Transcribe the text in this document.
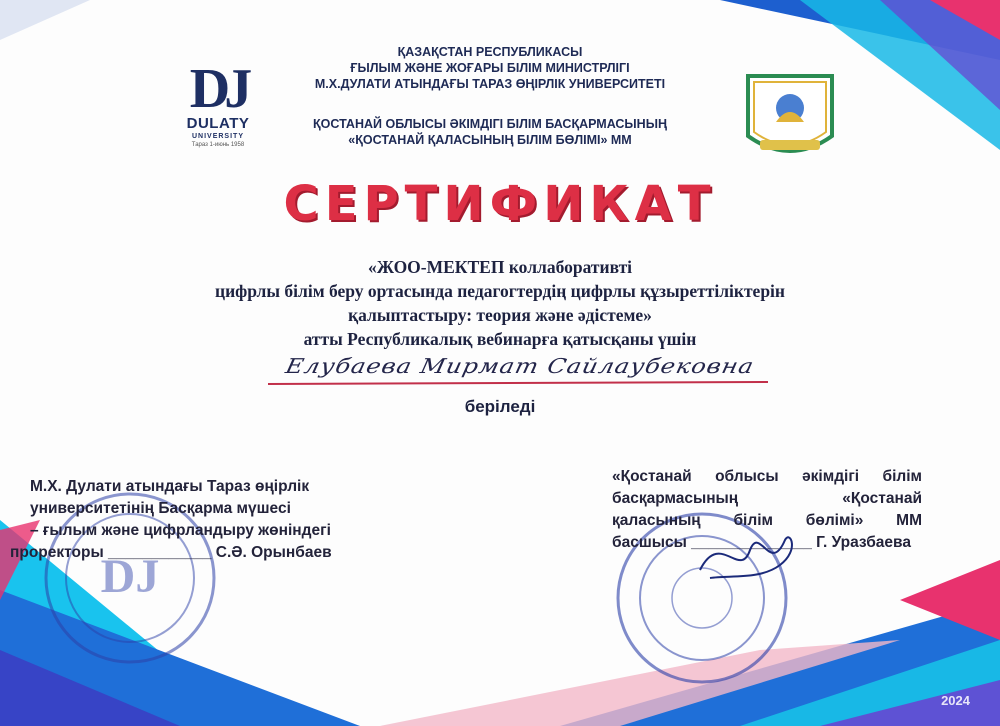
DJ
DULATY
UNIVERSITY
Тараз 1-июнь 1958
ҚАЗАҚСТАН РЕСПУБЛИКАСЫ
ҒЫЛЫМ ЖӘНЕ ЖОҒАРЫ БІЛІМ МИНИСТРЛІГІ
М.Х.ДУЛАТИ АТЫНДАҒЫ ТАРАЗ ӨҢІРЛІК УНИВЕРСИТЕТІ
ҚОСТАНАЙ ОБЛЫСЫ ӘКІМДІГІ БІЛІМ БАСҚАРМАСЫНЫҢ
«ҚОСТАНАЙ ҚАЛАСЫНЫҢ БІЛІМ БӨЛІМІ» ММ
СЕРТИФИКАТ
«ЖОО-МЕКТЕП коллаборативті
цифрлы білім беру ортасында педагогтердің цифрлы құзыреттіліктерін
қалыптастыру: теория және әдістеме»
атты Республикалық вебинарға қатысқаны үшін
Елубаева Мирмат Сайлаубековна
беріледі
DJ
М.Х. Дулати атындағы Тараз өңірлік
университетінің Басқарма мүшесі
– ғылым және цифрландыру жөніндегі
проректоры ____________ С.Ә. Орынбаев
«Қостанай облысы әкімдігі білім
басқармасының «Қостанай
қаласының білім бөлімі» ММ
басшысы ______________ Г. Уразбаева
2024
